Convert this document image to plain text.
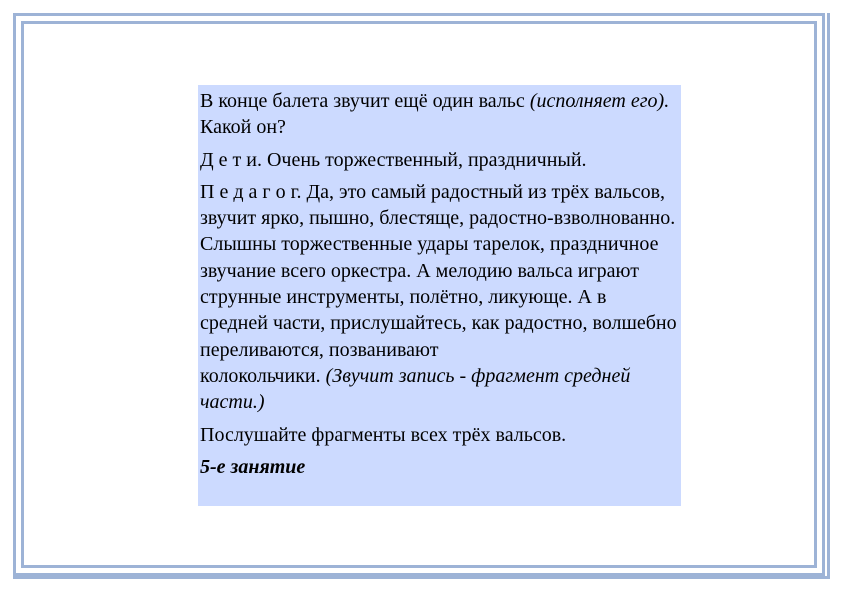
В конце балета звучит ещё один вальс (исполняет его). Какой он?

Д е т и. Очень торжественный, праздничный.

П е д а г о г. Да, это самый радостный из трёх вальсов, звучит ярко, пышно, блестяще, радостно-взволнованно. Слышны торжественные удары тарелок, праздничное звучание всего оркестра. А мелодию вальса играют струнные инструменты, полётно, ликующе. А в средней части, прислушайтесь, как радостно, волшебно переливаются, позванивают
колокольчики. (Звучит запись - фрагмент средней части.)

Послушайте фрагменты всех трёх вальсов.

5-е занятие
